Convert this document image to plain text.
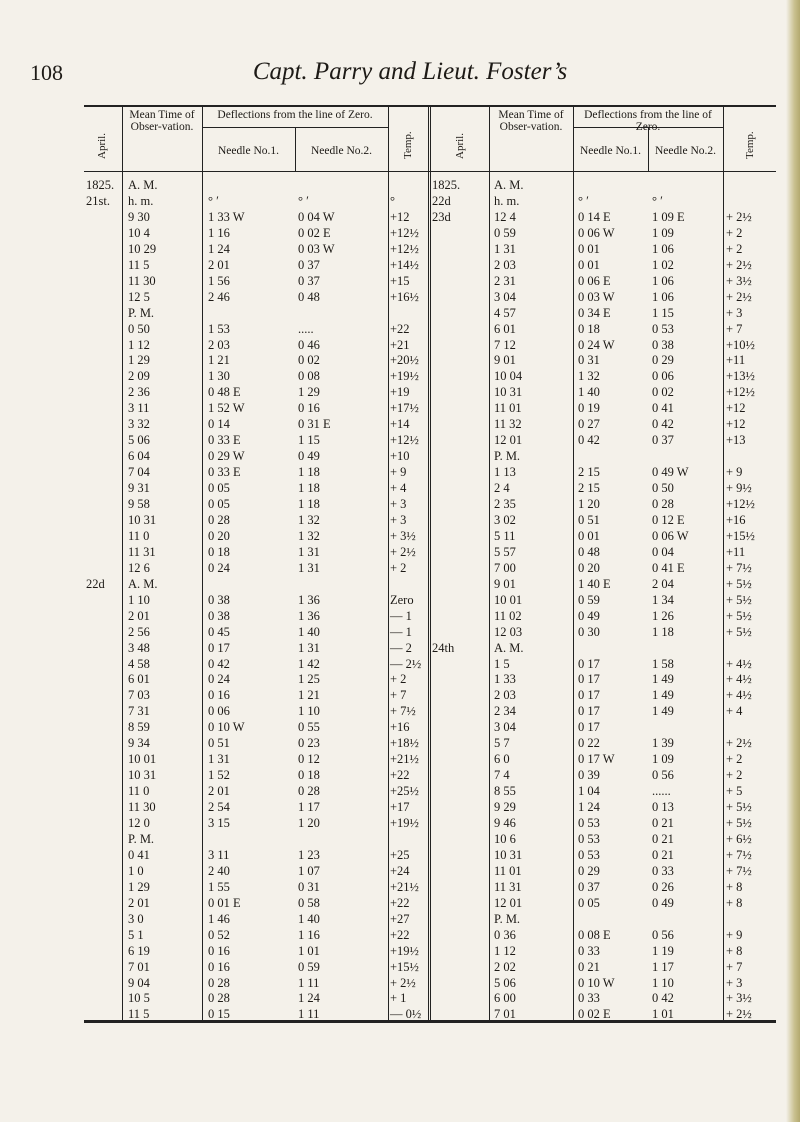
108	Capt. Parry and Lieut. Foster’s
April.
Mean Time of Obser-vation.
Deflections from the line of Zero.
Needle No.1.	Needle No.2.	Temp.	April.
Mean Time of Obser-vation.
Deflections from the line of Zero.
Needle No.1.	Needle No.2.	Temp.
1825.	A. M.
21st.	h. m.	° ′	° ′	°
9 30	1 33 W	0 04 W	+12
10 4	1 16	0 02 E	+12½
10 29	1 24	0 03 W	+12½
11 5	2 01	0 37	+14½
11 30	1 56	0 37	+15
12 5	2 46	0 48	+16½
P. M.
0 50	1 53	.....	+22
1 12	2 03	0 46	+21
1 29	1 21	0 02	+20½
2 09	1 30	0 08	+19½
2 36	0 48 E	1 29	+19
3 11	1 52 W	0 16	+17½
3 32	0 14	0 31 E	+14
5 06	0 33 E	1 15	+12½
6 04	0 29 W	0 49	+10
7 04	0 33 E	1 18	+ 9
9 31	0 05	1 18	+ 4
9 58	0 05	1 18	+ 3
10 31	0 28	1 32	+ 3
11 0	0 20	1 32	+ 3½
11 31	0 18	1 31	+ 2½
12 6	0 24	1 31	+ 2
22d	A. M.
1 10	0 38	1 36	Zero
2 01	0 38	1 36	— 1
2 56	0 45	1 40	— 1
3 48	0 17	1 31	— 2
4 58	0 42	1 42	— 2½
6 01	0 24	1 25	+ 2
7 03	0 16	1 21	+ 7
7 31	0 06	1 10	+ 7½
8 59	0 10 W	0 55	+16
9 34	0 51	0 23	+18½
10 01	1 31	0 12	+21½
10 31	1 52	0 18	+22
11 0	2 01	0 28	+25½
11 30	2 54	1 17	+17
12 0	3 15	1 20	+19½
P. M.
0 41	3 11	1 23	+25
1 0	2 40	1 07	+24
1 29	1 55	0 31	+21½
2 01	0 01 E	0 58	+22
3 0	1 46	1 40	+27
5 1	0 52	1 16	+22
6 19	0 16	1 01	+19½
7 01	0 16	0 59	+15½
9 04	0 28	1 11	+ 2½
10 5	0 28	1 24	+ 1
11 5	0 15	1 11	— 0½
1825.	A. M.
22d	h. m.	° ′	° ′
23d	12 4	0 14 E	1 09 E	+ 2½
0 59	0 06 W	1 09	+ 2
1 31	0 01	1 06	+ 2
2 03	0 01	1 02	+ 2½
2 31	0 06 E	1 06	+ 3½
3 04	0 03 W	1 06	+ 2½
4 57	0 34 E	1 15	+ 3
6 01	0 18	0 53	+ 7
7 12	0 24 W	0 38	+10½
9 01	0 31	0 29	+11
10 04	1 32	0 06	+13½
10 31	1 40	0 02	+12½
11 01	0 19	0 41	+12
11 32	0 27	0 42	+12
12 01	0 42	0 37	+13
P. M.
1 13	2 15	0 49 W	+ 9
2 4	2 15	0 50	+ 9½
2 35	1 20	0 28	+12½
3 02	0 51	0 12 E	+16
5 11	0 01	0 06 W	+15½
5 57	0 48	0 04	+11
7 00	0 20	0 41 E	+ 7½
9 01	1 40 E	2 04	+ 5½
10 01	0 59	1 34	+ 5½
11 02	0 49	1 26	+ 5½
12 03	0 30	1 18	+ 5½
24th	A. M.
1 5	0 17	1 58	+ 4½
1 33	0 17	1 49	+ 4½
2 03	0 17	1 49	+ 4½
2 34	0 17	1 49	+ 4
3 04	0 17
5 7	0 22	1 39	+ 2½
6 0	0 17 W	1 09	+ 2
7 4	0 39	0 56	+ 2
8 55	1 04	......	+ 5
9 29	1 24	0 13	+ 5½
9 46	0 53	0 21	+ 5½
10 6	0 53	0 21	+ 6½
10 31	0 53	0 21	+ 7½
11 01	0 29	0 33	+ 7½
11 31	0 37	0 26	+ 8
12 01	0 05	0 49	+ 8
P. M.
0 36	0 08 E	0 56	+ 9
1 12	0 33	1 19	+ 8
2 02	0 21	1 17	+ 7
5 06	0 10 W	1 10	+ 3
6 00	0 33	0 42	+ 3½
7 01	0 02 E	1 01	+ 2½
